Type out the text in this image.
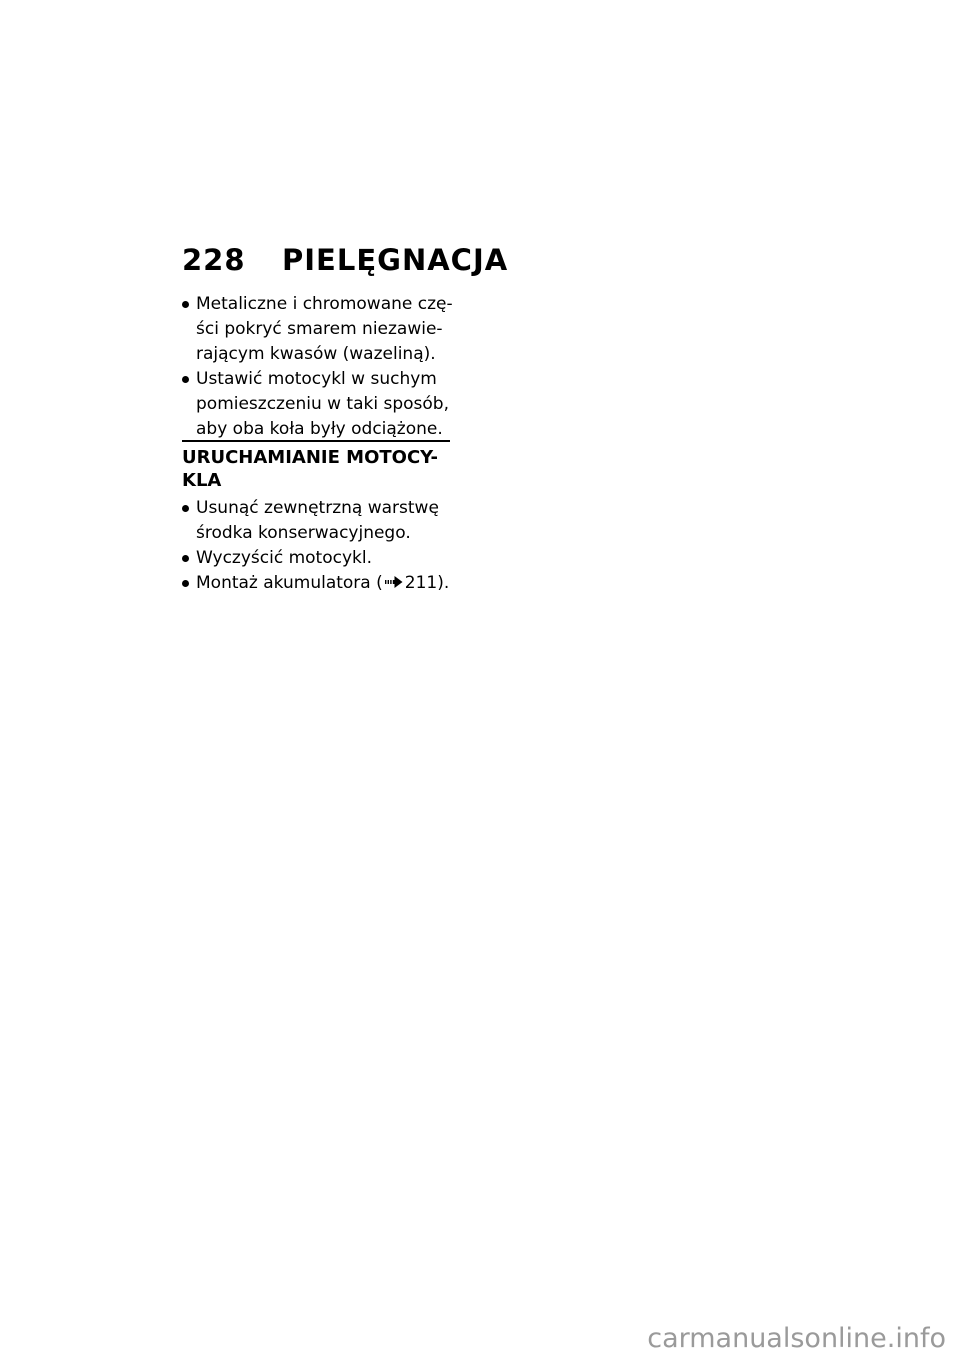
228 PIELĘGNACJA
Metaliczne i chromowane czę-ści pokryć smarem niezawie-rającym kwasów (wazeliną).
Ustawić motocykl w suchym pomieszczeniu w taki sposób, aby oba koła były odciążone.
URUCHAMIANIE MOTOCY-KLA
Usunąć zewnętrzną warstwę środka konserwacyjnego.
Wyczyścić motocykl.
Montaż akumulatora ( 211).
carmanualsonline.info
